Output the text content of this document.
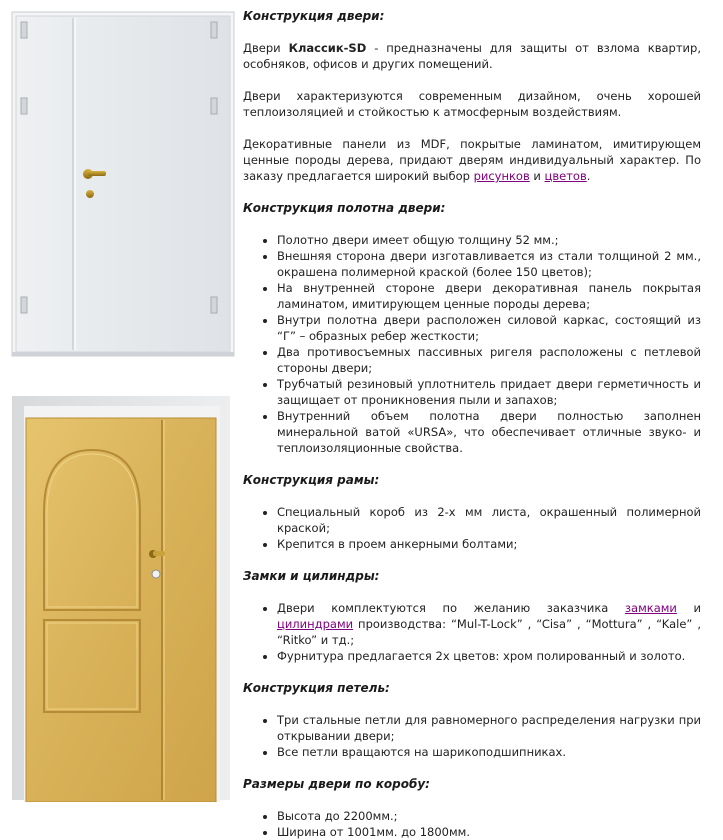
Конструкция двери:

Двери Классик-SD - предназначены для защиты от взлома квартир, особняков, офисов и других помещений.

Двери характеризуются современным дизайном, очень хорошей теплоизоляцией и стойкостью к атмосферным воздействиям.

Декоративные панели из MDF, покрытые ламинатом, имитирующем ценные породы дерева, придают дверям индивидуальный характер. По заказу предлагается широкий выбор рисунков и цветов.

Конструкция полотна двери:
• Полотно двери имеет общую толщину 52 мм.;
• Внешняя сторона двери изготавливается из стали толщиной 2 мм., окрашена полимерной краской (более 150 цветов);
• На внутренней стороне двери декоративная панель покрытая ламинатом, имитирующем ценные породы дерева;
• Внутри полотна двери расположен силовой каркас, состоящий из “Г” – образных ребер жесткости;
• Два противосъемных пассивных ригеля расположены с петлевой стороны двери;
• Трубчатый резиновый уплотнитель придает двери герметичность и защищает от проникновения пыли и запахов;
• Внутренний объем полотна двери полностью заполнен минеральной ватой «URSA», что обеспечивает отличные звуко- и теплоизоляционные свойства.
Конструкция рамы:
• Специальный короб из 2-х мм листа, окрашенный полимерной краской;
• Крепится в проем анкерными болтами;
Замки и цилиндры:
• Двери комплектуются по желанию заказчика замками и цилиндрами производства: “Mul-T-Lock” , “Cisa” , “Mottura” , “Kale” , “Ritko” и тд.;
• Фурнитура предлагается 2х цветов: хром полированный и золото.
Конструкция петель:
• Три стальные петли для равномерного распределения нагрузки при открывании двери;
• Все петли вращаются на шарикоподшипниках.
Размеры двери по коробу:
• Высота до 2200мм.;
• Ширина от 1001мм. до 1800мм.
